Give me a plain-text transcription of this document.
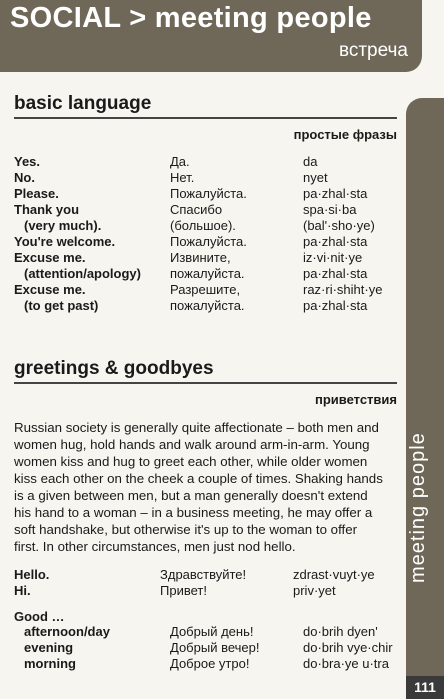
SOCIAL > meeting people
встреча
meeting people
111
basic language
простые фразы
Yes.	Да.	da
No.	Нет.	nyet
Please.	Пожалуйста.	pa·zhal·sta
Thank you	Спасибо	spa·si·ba
(very much).	(большое).	(bal'·sho·ye)
You're welcome.	Пожалуйста.	pa·zhal·sta
Excuse me.	Извините,	iz·vi·nit·ye
(attention/apology)	пожалуйста.	pa·zhal·sta
Excuse me.	Разрешите,	raz·ri·shiht·ye
(to get past)	пожалуйста.	pa·zhal·sta
greetings & goodbyes
приветствия
Russian society is generally quite affectionate – both men and
women hug, hold hands and walk around arm-in-arm. Young
women kiss and hug to greet each other, while older women
kiss each other on the cheek a couple of times. Shaking hands
is a given between men, but a man generally doesn't extend
his hand to a woman – in a business meeting, he may offer a
soft handshake, but otherwise it's up to the woman to offer
first. In other circumstances, men just nod hello.
Hello.	Здравствуйте!	zdrast·vuyt·ye
Hi.	Привет!	priv·yet
Good …
afternoon/day	Добрый день!	do·brih dyen'
evening	Добрый вечер!	do·brih vye·chir
morning	Доброе утро!	do·bra·ye u·tra
